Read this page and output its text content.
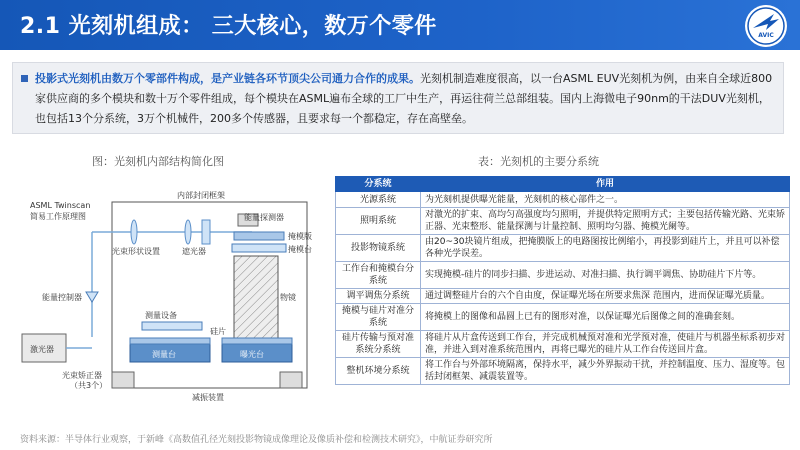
2.1 光刻机组成： 三大核心，数万个零件	AVIC
投影式光刻机由数万个零部件构成，是产业链各环节顶尖公司通力合作的成果。光刻机制造难度很高，以一台ASML EUV光刻机为例，由来自全球近800家供应商的多个模块和数十万个零件组成，每个模块在ASML遍布全球的工厂中生产，再运往荷兰总部组装。国内上海微电子90nm的干法DUV光刻机，也包括13个分系统，3万个机械件，200多个传感器，且要求每一个都稳定，存在高壁垒。
图：光刻机内部结构简化图	表：光刻机的主要分系统
ASML Twinscan
简易工作原理图
内部封闭框架
光束形状设置	遮光器
能量探测器
掩模版
掩模台
物镜
能量控制器
测量设备
硅片
测量台	曝光台
激光器
光束矫正器
（共3个）
减振装置
分系统	作用
光源系统	为光刻机提供曝光能量，光刻机的核心部件之一。
照明系统	对激光的扩束、高均匀高强度均匀照明，并提供特定照明方式；主要包括传输光路、光束矫正器、光束整形、能量探测与计量控制、照明均匀器、掩模光阑等。
投影物镜系统	由20~30块镜片组成，把掩膜版上的电路图按比例缩小，再投影到硅片上，并且可以补偿各种光学误差。
工作台和掩模台分系统	实现掩模-硅片的同步扫描、步进运动、对准扫描、执行调平调焦、协助硅片下片等。
调平调焦分系统	通过调整硅片台的六个自由度，保证曝光场在所要求焦深 范围内，进而保证曝光质量。
掩模与硅片对准分系统	将掩模上的图像和晶圆上已有的图形对准，以保证曝光后图像之间的准确套刻。
硅片传输与预对准系统分系统	将硅片从片盒传送到工作台，并完成机械预对准和光学预对准，使硅片与机器坐标系初步对准，并进入到对准系统范围内，再将已曝光的硅片从工作台传送回片盒。
整机环境分系统	将工作台与外部环境隔离，保持水平，减少外界振动干扰，并控制温度、压力、湿度等。包括封闭框架、减震装置等。
资料来源：半导体行业观察，于新峰《高数值孔径光刻投影物镜成像理论及像质补偿和检测技术研究》，中航证券研究所
